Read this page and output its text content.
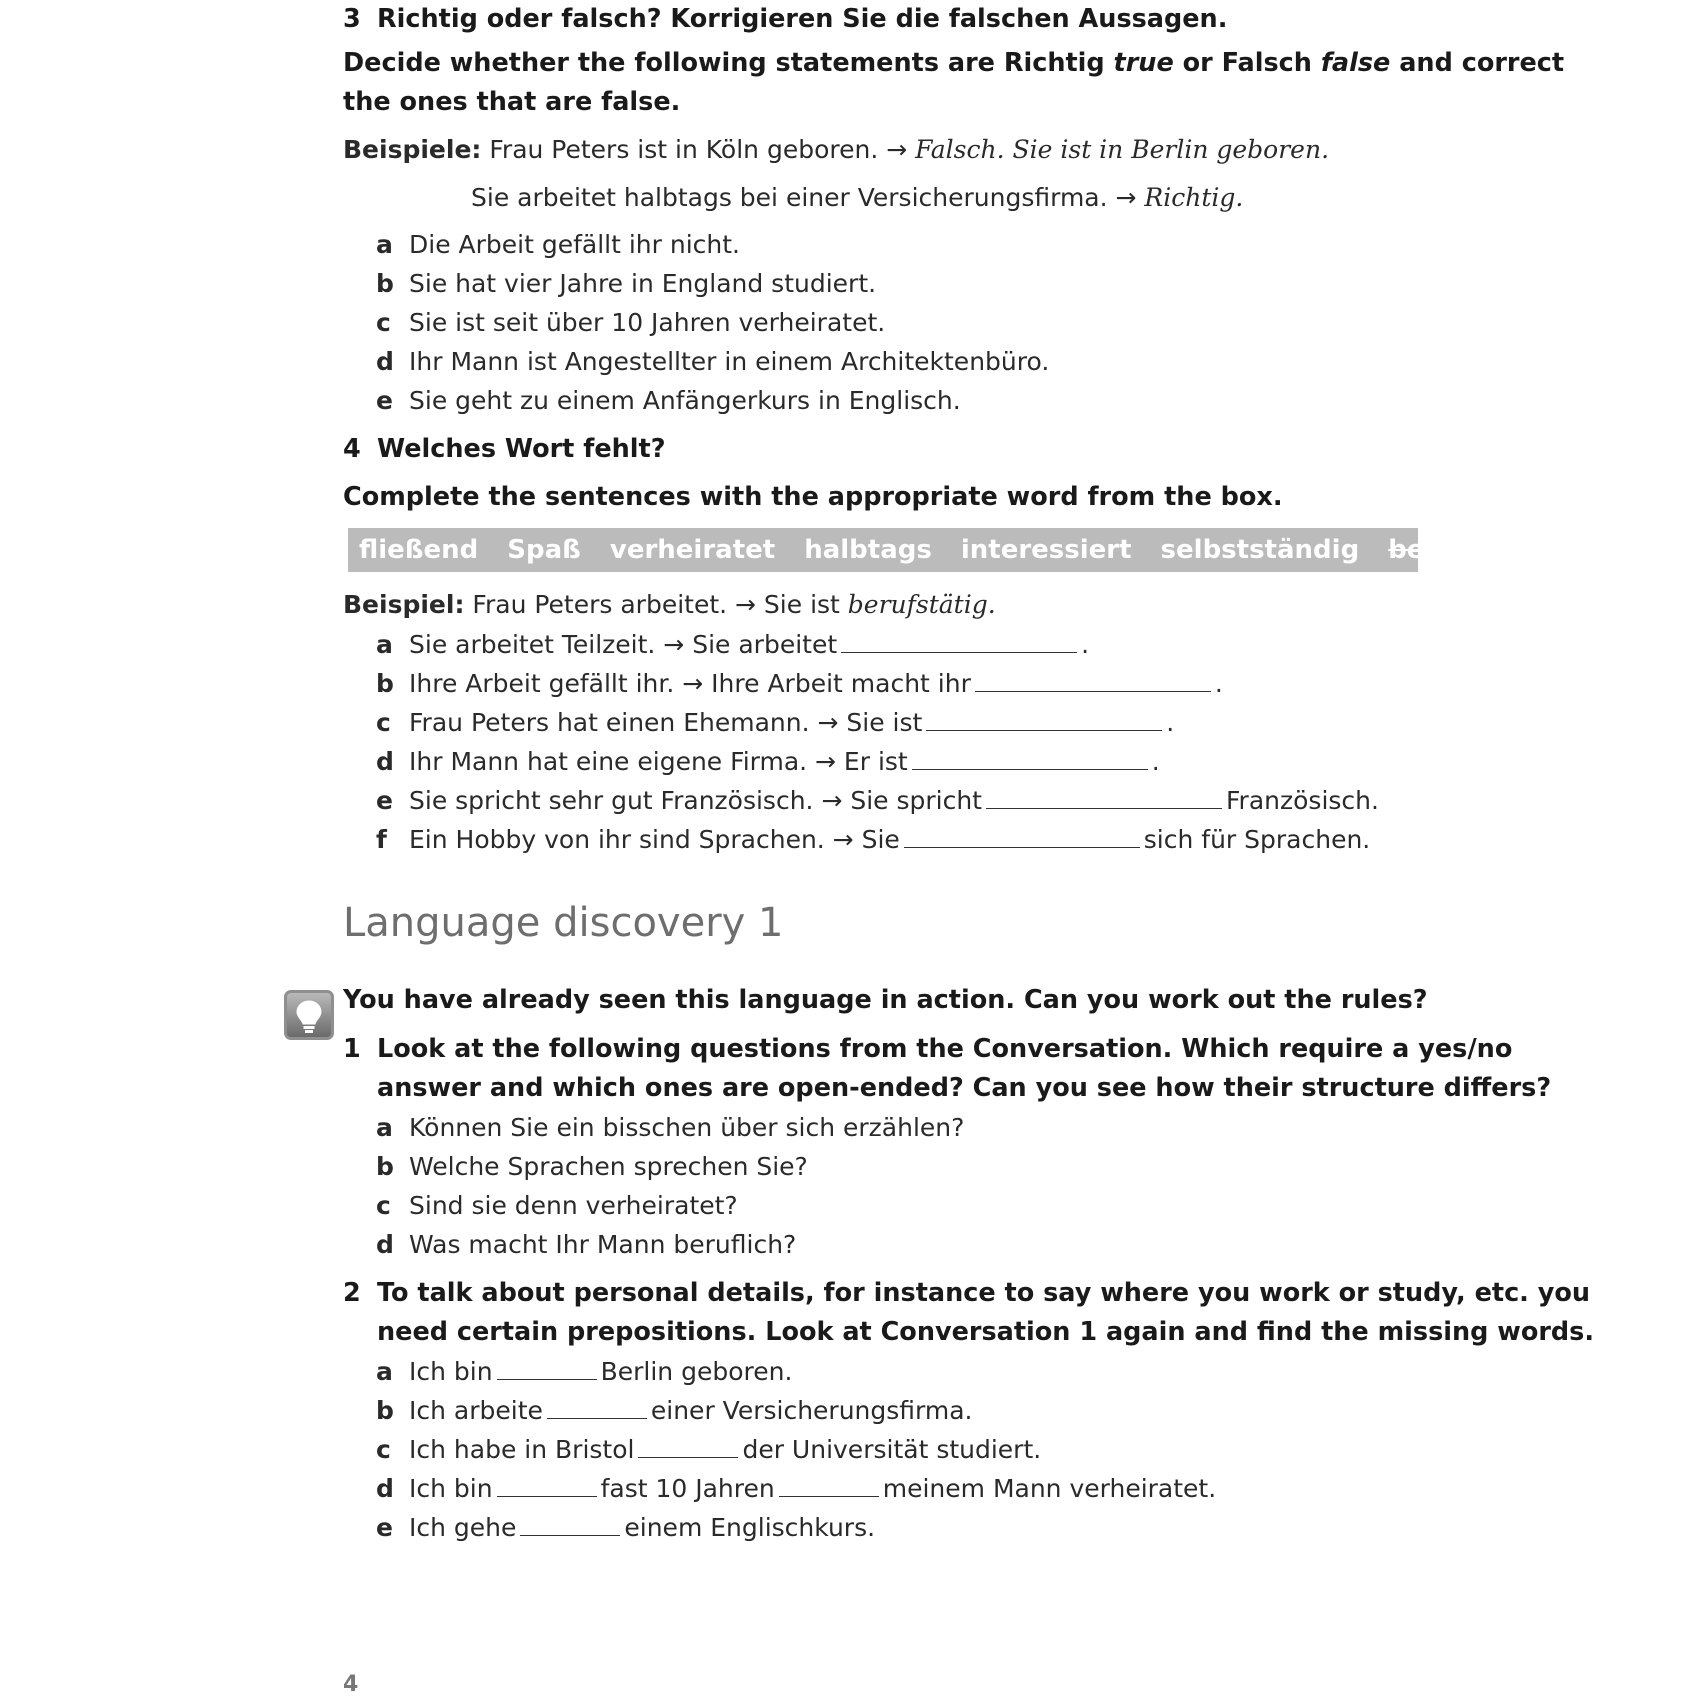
3 Richtig oder falsch? Korrigieren Sie die falschen Aussagen.
Decide whether the following statements are Richtig true or Falsch false and correct
the ones that are false.
Beispiele: Frau Peters ist in Köln geboren. → Falsch. Sie ist in Berlin geboren.
Sie arbeitet halbtags bei einer Versicherungsfirma. → Richtig.
a Die Arbeit gefällt ihr nicht.
b Sie hat vier Jahre in England studiert.
c Sie ist seit über 10 Jahren verheiratet.
d Ihr Mann ist Angestellter in einem Architektenbüro.
e Sie geht zu einem Anfängerkurs in Englisch.
4 Welches Wort fehlt?
Complete the sentences with the appropriate word from the box.
fließend Spaß verheiratet halbtags interessiert selbstständig berufstätig
Beispiel: Frau Peters arbeitet. → Sie ist berufstätig.
a Sie arbeitet Teilzeit. → Sie arbeitet	.
b Ihre Arbeit gefällt ihr. → Ihre Arbeit macht ihr	.
c Frau Peters hat einen Ehemann. → Sie ist	.
d Ihr Mann hat eine eigene Firma. → Er ist	.
e Sie spricht sehr gut Französisch. → Sie spricht	Französisch.
f Ein Hobby von ihr sind Sprachen. → Sie	sich für Sprachen.
Language discovery 1
You have already seen this language in action. Can you work out the rules?
1 Look at the following questions from the Conversation. Which require a yes/no
answer and which ones are open-ended? Can you see how their structure differs?
a Können Sie ein bisschen über sich erzählen?
b Welche Sprachen sprechen Sie?
c Sind sie denn verheiratet?
d Was macht Ihr Mann beruflich?
2 To talk about personal details, for instance to say where you work or study, etc. you
need certain prepositions. Look at Conversation 1 again and find the missing words.
a Ich bin	Berlin geboren.
b Ich arbeite	einer Versicherungsfirma.
c Ich habe in Bristol	der Universität studiert.
d Ich bin	fast 10 Jahren	meinem Mann verheiratet.
e Ich gehe	einem Englischkurs.
4
